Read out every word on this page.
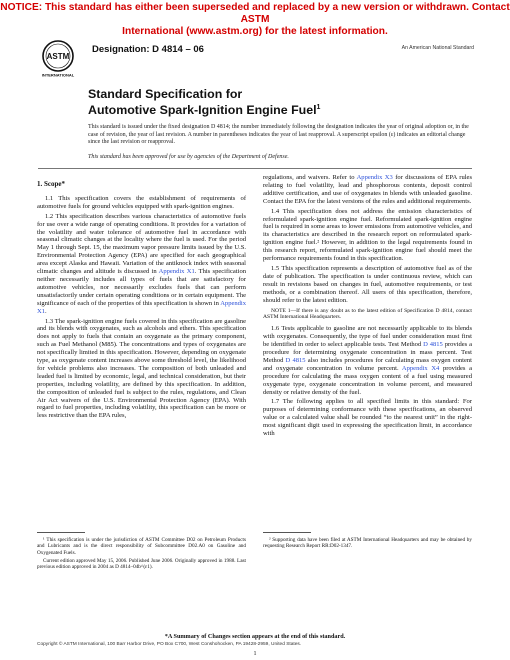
NOTICE: This standard has either been superseded and replaced by a new version or withdrawn. Contact ASTM
International (www.astm.org) for the latest information.
ASTM
INTERNATIONAL
Designation: D 4814 – 06	An American National Standard
Standard Specification for
Automotive Spark-Ignition Engine Fuel$^1$
This standard is issued under the fixed designation D 4814; the number immediately following the designation indicates the year of original adoption or, in the case of revision, the year of last revision. A number in parentheses indicates the year of last reapproval. A superscript epsilon (ε) indicates an editorial change since the last revision or reapproval.
This standard has been approved for use by agencies of the Department of Defense.
1. Scope*

1.1 This specification covers the establishment of requirements of automotive fuels for ground vehicles equipped with spark-ignition engines.

1.2 This specification describes various characteristics of automotive fuels for use over a wide range of operating conditions. It provides for a variation of the volatility and water tolerance of automotive fuel in accordance with seasonal climatic changes at the locality where the fuel is used. For the period May 1 through Sept. 15, the maximum vapor pressure limits issued by the U.S. Environmental Protection Agency (EPA) are specified for each geographical area except Alaska and Hawaii. Variation of the antiknock index with seasonal climatic changes and altitude is discussed in Appendix X1. This specification neither necessarily includes all types of fuels that are satisfactory for automotive vehicles, nor necessarily excludes fuels that can perform unsatisfactorily under certain operating conditions or in certain equipment. The significance of each of the properties of this specification is shown in Appendix X1.

1.3 The spark-ignition engine fuels covered in this specification are gasoline and its blends with oxygenates, such as alcohols and ethers. This specification does not apply to fuels that contain an oxygenate as the primary component, such as Fuel Methanol (M85). The concentrations and types of oxygenates are not specifically limited in this specification. However, depending on oxygenate type, as oxygenate content increases above some threshold level, the likelihood for vehicle problems also increases. The composition of both unleaded and leaded fuel is limited by economic, legal, and technical consideration, but their properties, including volatility, are defined by this specification. In addition, the composition of unleaded fuel is subject to the rules, regulations, and Clean Air Act waivers of the U.S. Environmental Protection Agency (EPA). With regard to fuel properties, including volatility, this specification can be more or less restrictive than the EPA rules,

regulations, and waivers. Refer to Appendix X3 for discussions of EPA rules relating to fuel volatility, lead and phosphorous contents, deposit control additive certification, and use of oxygenates in blends with unleaded gasoline. Contact the EPA for the latest versions of the rules and additional requirements.

1.4 This specification does not address the emission characteristics of reformulated spark-ignition engine fuel. Reformulated spark-ignition engine fuel is required in some areas to lower emissions from automotive vehicles, and its characteristics are described in the research report on reformulated spark-ignition engine fuel.² However, in addition to the legal requirements found in this research report, reformulated spark-ignition engine fuel should meet the performance requirements found in this specification.

1.5 This specification represents a description of automotive fuel as of the date of publication. The specification is under continuous review, which can result in revisions based on changes in fuel, automotive requirements, or test methods, or a combination thereof. All users of this specification, therefore, should refer to the latest edition.

NOTE 1—If there is any doubt as to the latest edition of Specification D 4814, contact ASTM International Headquarters.

1.6 Tests applicable to gasoline are not necessarily applicable to its blends with oxygenates. Consequently, the type of fuel under consideration must first be identified in order to select applicable tests. Test Method D 4815 provides a procedure for determining oxygenate concentration in mass percent. Test Method D 4815 also includes procedures for calculating mass oxygen content and oxygenate concentration in volume percent. Appendix X4 provides a procedure for calculating the mass oxygen content of a fuel using measured oxygenate type, oxygenate concentration in volume percent, and measured density or relative density of the fuel.

1.7 The following applies to all specified limits in this standard: For purposes of determining conformance with these specifications, an observed value or a calculated value shall be rounded “to the nearest unit” in the right-most significant digit used in expressing the specification limit, in accordance with

¹ This specification is under the jurisdiction of ASTM Committee D02 on Petroleum Products and Lubricants and is the direct responsibility of Subcommittee D02.A0 on Gasoline and Oxygenated Fuels.

Current edition approved May 15, 2006. Published June 2006. Originally approved in 1988. Last previous edition approved in 2004 as D 4814–04b^(ε1).

² Supporting data have been filed at ASTM International Headquarters and may be obtained by requesting Research Report RR:D02-1347.

*A Summary of Changes section appears at the end of this standard.
Copyright © ASTM International, 100 Barr Harbor Drive, PO Box C700, West Conshohocken, PA 19428-2959, United States.
1
